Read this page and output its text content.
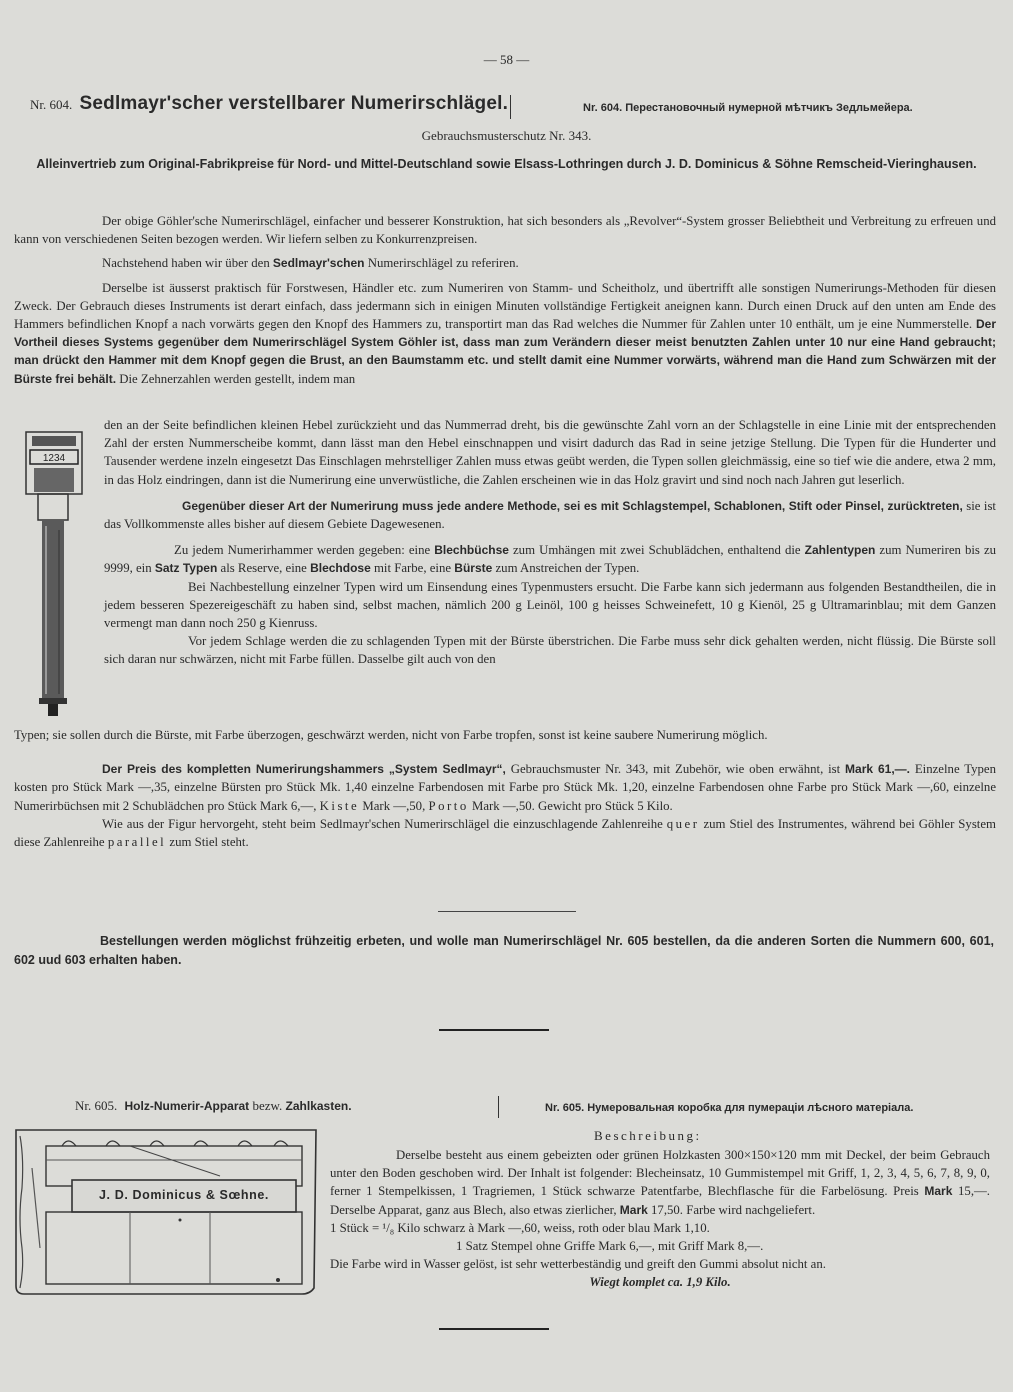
— 58 —
Nr. 604. Sedlmayr'scher verstellbarer Numerirschlägel.	Nr. 604. Перестановочный нумерной мѣтчикъ Зедльмейера.
Gebrauchsmusterschutz Nr. 343.
Alleinvertrieb zum Original-Fabrikpreise für Nord- und Mittel-Deutschland sowie Elsass-Lothringen durch J. D. Dominicus & Söhne Remscheid-Vieringhausen.

Der obige Göhler'sche Numerirschlägel, einfacher und besserer Konstruktion, hat sich besonders als „Revolver“-System grosser Beliebtheit und Verbreitung zu erfreuen und kann von verschiedenen Seiten bezogen werden. Wir liefern selben zu Konkurrenzpreisen.

Nachstehend haben wir über den Sedlmayr'schen Numerirschlägel zu referiren.

Derselbe ist äusserst praktisch für Forstwesen, Händler etc. zum Numeriren von Stamm- und Scheitholz, und übertrifft alle sonstigen Numerirungs-Methoden für diesen Zweck. Der Gebrauch dieses Instruments ist derart einfach, dass jedermann sich in einigen Minuten vollständige Fertigkeit aneignen kann. Durch einen Druck auf den unten am Ende des Hammers befindlichen Knopf a nach vorwärts gegen den Knopf des Hammers zu, transportirt man das Rad welches die Nummer für Zahlen unter 10 enthält, um je eine Nummerstelle. Der Vortheil dieses Systems gegenüber dem Numerirschlägel System Göhler ist, dass man zum Verändern dieser meist benutzten Zahlen unter 10 nur eine Hand gebraucht; man drückt den Hammer mit dem Knopf gegen die Brust, an den Baumstamm etc. und stellt damit eine Nummer vorwärts, während man die Hand zum Schwärzen mit der Bürste frei behält. Die Zehnerzahlen werden gestellt, indem man

1234

den an der Seite befindlichen kleinen Hebel zurückzieht und das Nummerrad dreht, bis die gewünschte Zahl vorn an der Schlagstelle in eine Linie mit der entsprechenden Zahl der ersten Nummerscheibe kommt, dann lässt man den Hebel einschnappen und visirt dadurch das Rad in seine jetzige Stellung. Die Typen für die Hunderter und Tausender werdene inzeln eingesetzt Das Einschlagen mehrstelliger Zahlen muss etwas geübt werden, die Typen sollen gleichmässig, eine so tief wie die andere, etwa 2 mm, in das Holz eindringen, dann ist die Numerirung eine unverwüstliche, die Zahlen erscheinen wie in das Holz gravirt und sind noch nach Jahren gut leserlich.

Gegenüber dieser Art der Numerirung muss jede andere Methode, sei es mit Schlagstempel, Schablonen, Stift oder Pinsel, zurücktreten, sie ist das Vollkommenste alles bisher auf diesem Gebiete Dagewesenen.

Zu jedem Numerirhammer werden gegeben: eine Blechbüchse zum Umhängen mit zwei Schublädchen, enthaltend die Zahlentypen zum Numeriren bis zu 9999, ein Satz Typen als Reserve, eine Blechdose mit Farbe, eine Bürste zum Anstreichen der Typen.

Bei Nachbestellung einzelner Typen wird um Einsendung eines Typenmusters ersucht. Die Farbe kann sich jedermann aus folgenden Bestandtheilen, die in jedem besseren Spezereigeschäft zu haben sind, selbst machen, nämlich 200 g Leinöl, 100 g heisses Schweinefett, 10 g Kienöl, 25 g Ultramarinblau; mit dem Ganzen vermengt man dann noch 250 g Kienruss.

Vor jedem Schlage werden die zu schlagenden Typen mit der Bürste überstrichen. Die Farbe muss sehr dick gehalten werden, nicht flüssig. Die Bürste soll sich daran nur schwärzen, nicht mit Farbe füllen. Dasselbe gilt auch von den

Typen; sie sollen durch die Bürste, mit Farbe überzogen, geschwärzt werden, nicht von Farbe tropfen, sonst ist keine saubere Numerirung möglich.

Der Preis des kompletten Numerirungshammers „System Sedlmayr“, Gebrauchsmuster Nr. 343, mit Zubehör, wie oben erwähnt, ist Mark 61,—. Einzelne Typen kosten pro Stück Mark —,35, einzelne Bürsten pro Stück Mk. 1,40 einzelne Farbendosen mit Farbe pro Stück Mk. 1,20, einzelne Farbendosen ohne Farbe pro Stück Mark —,60, einzelne Numerirbüchsen mit 2 Schublädchen pro Stück Mark 6,—, Kiste Mark —,50, Porto Mark —,50. Gewicht pro Stück 5 Kilo.

Wie aus der Figur hervorgeht, steht beim Sedlmayr'schen Numerirschlägel die einzuschlagende Zahlenreihe quer zum Stiel des Instrumentes, während bei Göhler System diese Zahlenreihe parallel zum Stiel steht.

Bestellungen werden möglichst frühzeitig erbeten, und wolle man Numerirschlägel Nr. 605 bestellen, da die anderen Sorten die Nummern 600, 601, 602 uud 603 erhalten haben.
Nr. 605. Holz-Numerir-Apparat bezw. Zahlkasten.	Nr. 605. Нумеровальная коробка для пумераціи лѣсного матеріала.
Beschreibung:
J. D. Dominicus & Sœhne.

Derselbe besteht aus einem gebeizten oder grünen Holzkasten 300×150×120 mm mit Deckel, der beim Gebrauch unter den Boden geschoben wird. Der Inhalt ist folgender: Blecheinsatz, 10 Gummistempel mit Griff, 1, 2, 3, 4, 5, 6, 7, 8, 9, 0, ferner 1 Stempelkissen, 1 Tragriemen, 1 Stück schwarze Patentfarbe, Blechflasche für die Farbelösung. Preis Mark 15,—. Derselbe Apparat, ganz aus Blech, also etwas zierlicher, Mark 17,50. Farbe wird nachgeliefert.

1 Stück = ¹/₈ Kilo schwarz à Mark —,60, weiss, roth oder blau Mark 1,10.

1 Satz Stempel ohne Griffe Mark 6,—, mit Griff Mark 8,—.

Die Farbe wird in Wasser gelöst, ist sehr wetterbeständig und greift den Gummi absolut nicht an.

Wiegt komplet ca. 1,9 Kilo.
